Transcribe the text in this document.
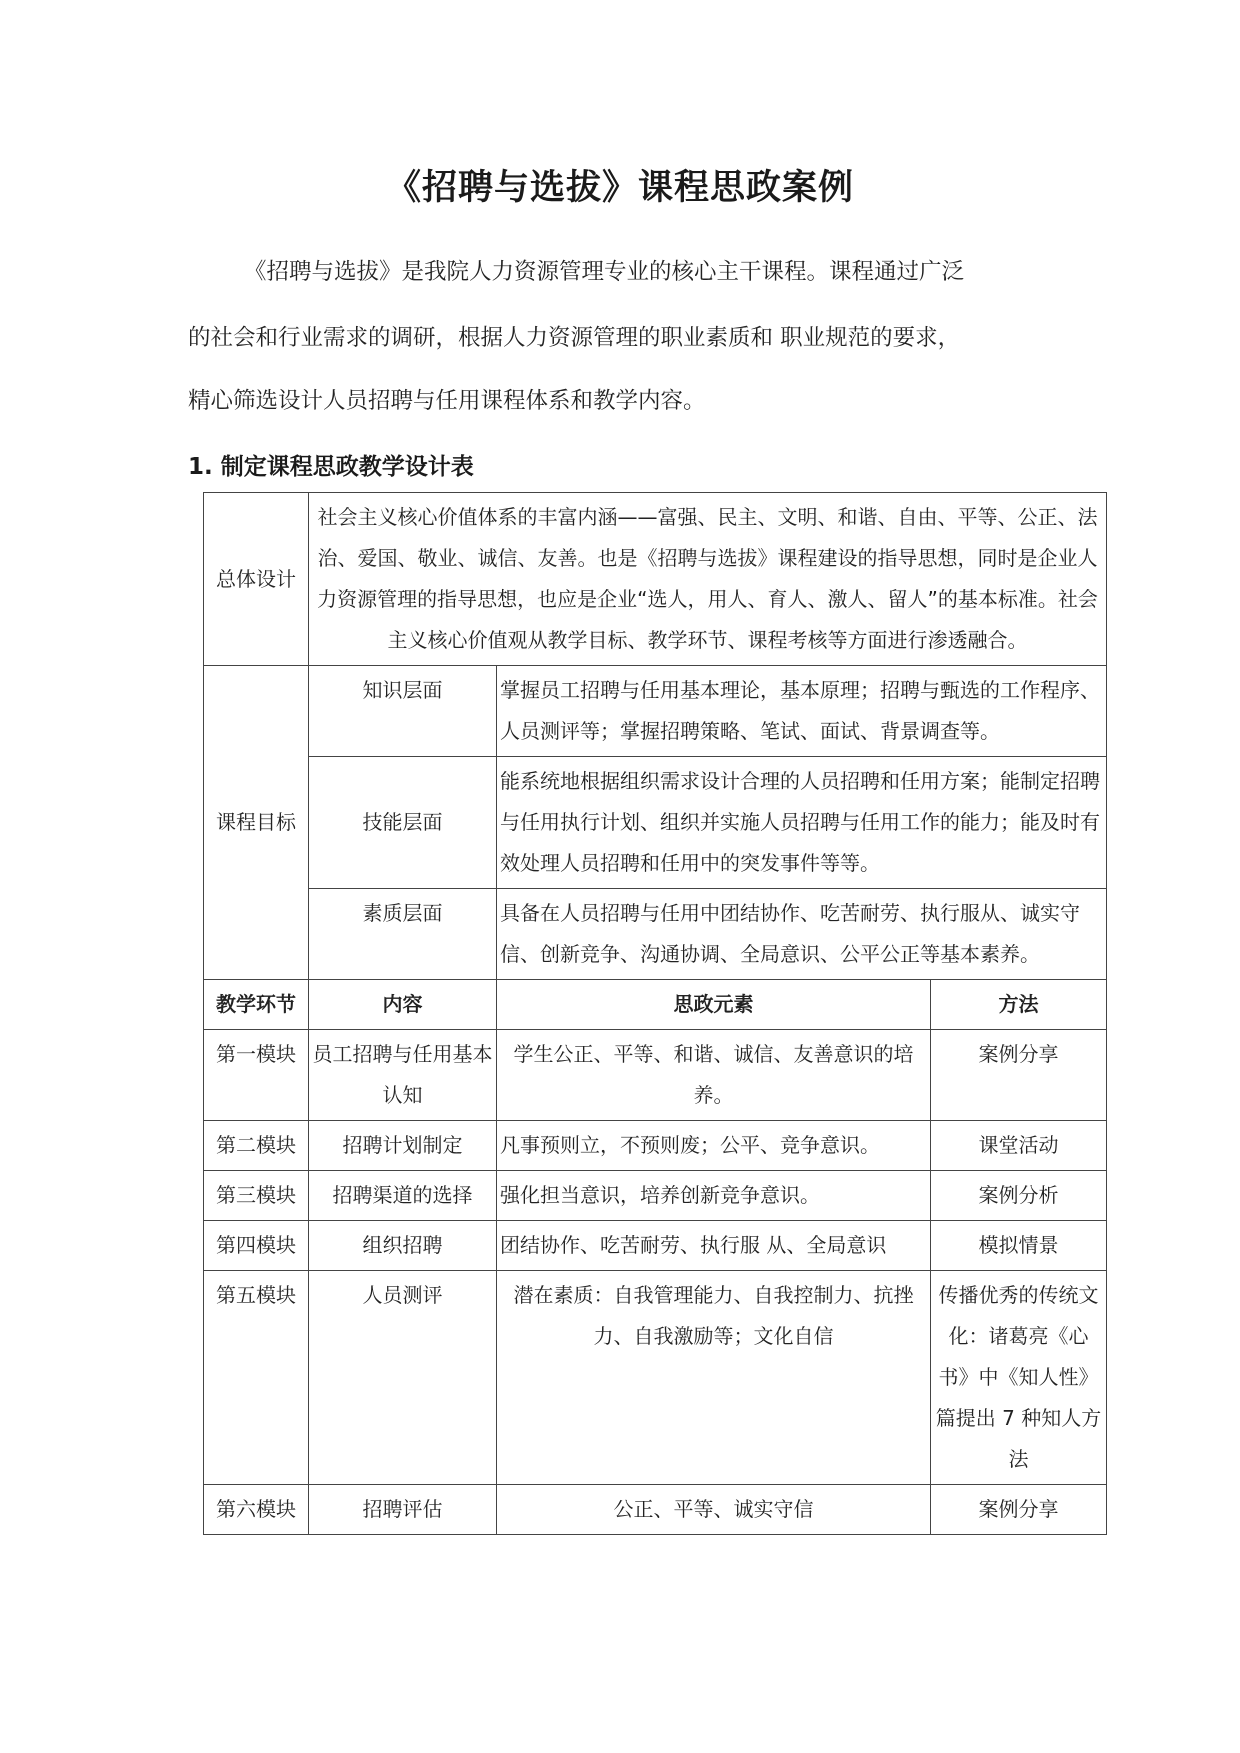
《招聘与选拔》课程思政案例
《招聘与选拔》是我院人力资源管理专业的核心主干课程。课程通过广泛
的社会和行业需求的调研，根据人力资源管理的职业素质和 职业规范的要求，
精心筛选设计人员招聘与任用课程体系和教学内容。
1. 制定课程思政教学设计表
总体设计	社会主义核心价值体系的丰富内涵——富强、民主、文明、和谐、自由、平等、公正、法治、爱国、敬业、诚信、友善。也是《招聘与选拔》课程建设的指导思想，同时是企业人力资源管理的指导思想，也应是企业“选人，用人、育人、激人、留人”的基本标准。社会主义核心价值观从教学目标、教学环节、课程考核等方面进行渗透融合。		
课程目标	知识层面	掌握员工招聘与任用基本理论，基本原理；招聘与甄选的工作程序、人员测评等；掌握招聘策略、笔试、面试、背景调查等。	
	技能层面	能系统地根据组织需求设计合理的人员招聘和任用方案；能制定招聘与任用执行计划、组织并实施人员招聘与任用工作的能力；能及时有效处理人员招聘和任用中的突发事件等等。	
	素质层面	具备在人员招聘与任用中团结协作、吃苦耐劳、执行服从、诚实守信、创新竞争、沟通协调、全局意识、公平公正等基本素养。	
教学环节	内容	思政元素	方法
第一模块	员工招聘与任用基本认知	学生公正、平等、和谐、诚信、友善意识的培养。	案例分享
第二模块	招聘计划制定	凡事预则立，不预则废；公平、竞争意识。	课堂活动
第三模块	招聘渠道的选择	强化担当意识，培养创新竞争意识。	案例分析
第四模块	组织招聘	团结协作、吃苦耐劳、执行服 从、全局意识	模拟情景
第五模块	人员测评	潜在素质：自我管理能力、自我控制力、抗挫力、自我激励等；文化自信	传播优秀的传统文化：诸葛亮《心书》中《知人性》篇提出 7 种知人方法
第六模块	招聘评估	公正、平等、诚实守信	案例分享
